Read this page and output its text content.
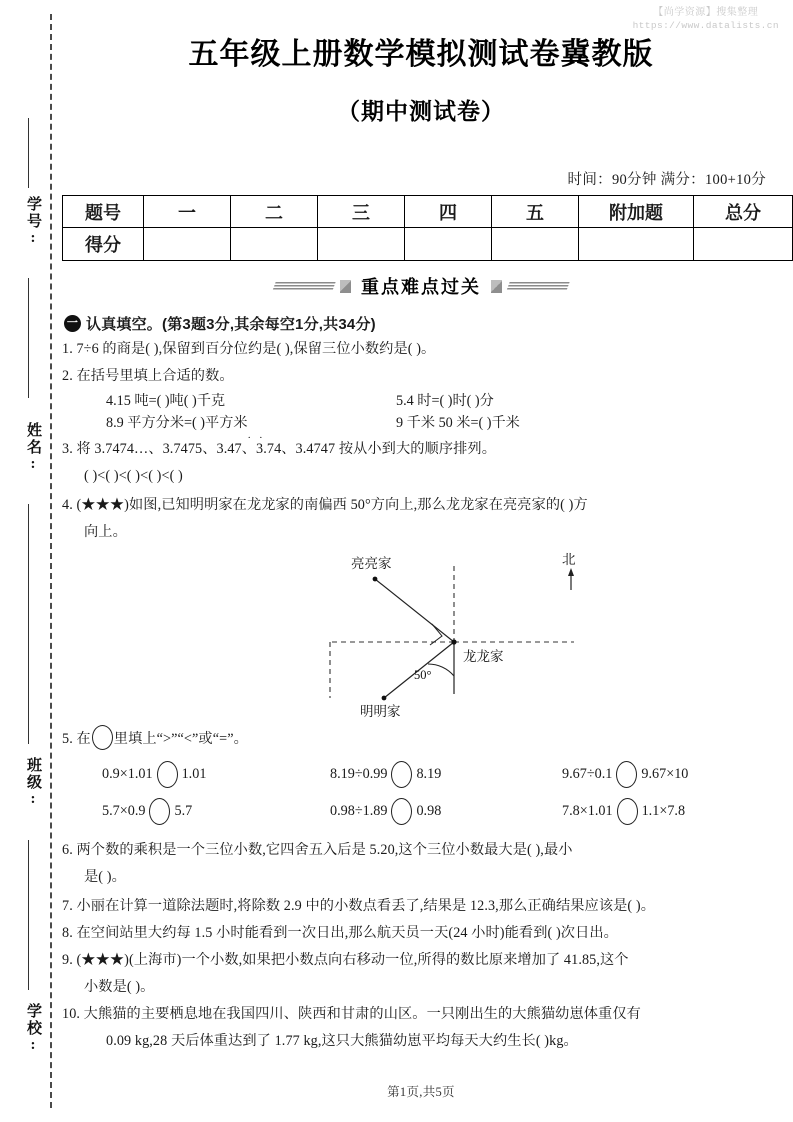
【尚学资源】搜集整理
https://www.datalists.cn
学号:
姓名:
班级:
学校:
五年级上册数学模拟测试卷冀教版
（期中测试卷）
时间：90分钟 满分：100+10分
题号	一	二	三	四	五	附加题	总分
得分							
重点难点过关
一 认真填空。(第3题3分,其余每空1分,共34分)
1. 7÷6 的商是( ),保留到百分位约是( ),保留三位小数约是( )。
2. 在括号里填上合适的数。
4.15 吨=( )吨( )千克	5.4 时=( )时( )分
8.9 平方分米=( )平方米	9 千米 50 米=( )千米
3. 将 3.7474…、3.7475、3.
··
47、3.74、3.4747 按从小到大的顺序排列。
( )<( )<( )<( )<( )
4. (★★★)如图,已知明明家在龙龙家的南偏西 50°方向上,那么龙龙家在亮亮家的( )方
向上。
亮亮家
龙龙家
明明家
北
50°
5. 在 里填上“>”“<”或“=”。
0.9×1.01 1.01	8.19÷0.99 8.19	9.67÷0.1 9.67×10
5.7×0.9 5.7	0.98÷1.89 0.98	7.8×1.01 1.1×7.8
6. 两个数的乘积是一个三位小数,它四舍五入后是 5.20,这个三位小数最大是( ),最小
是( )。
7. 小丽在计算一道除法题时,将除数 2.9 中的小数点看丢了,结果是 12.3,那么正确结果应该是( )。
8. 在空间站里大约每 1.5 小时能看到一次日出,那么航天员一天(24 小时)能看到( )次日出。
9. (★★★)(上海市)一个小数,如果把小数点向右移动一位,所得的数比原来增加了 41.85,这个
小数是( )。
10. 大熊猫的主要栖息地在我国四川、陕西和甘肃的山区。一只刚出生的大熊猫幼崽体重仅有
0.09 kg,28 天后体重达到了 1.77 kg,这只大熊猫幼崽平均每天大约生长( )kg。
第1页,共5页
